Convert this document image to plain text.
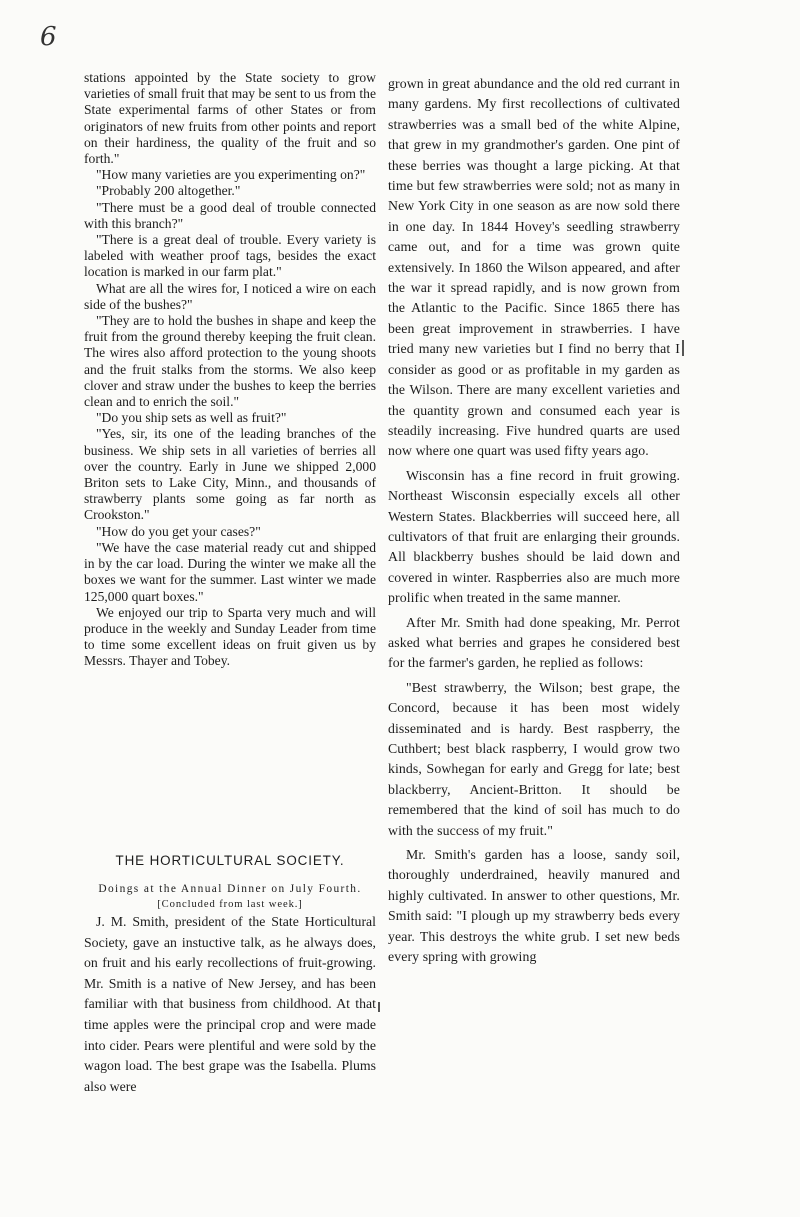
6

stations appointed by the State society to grow varieties of small fruit that may be sent to us from the State experimental farms of other States or from originators of new fruits from other points and report on their hardiness, the quality of the fruit and so forth."

"How many varieties are you experimenting on?"

"Probably 200 altogether."

"There must be a good deal of trouble connected with this branch?"

"There is a great deal of trouble. Every variety is labeled with weather proof tags, besides the exact location is marked in our farm plat."

What are all the wires for, I noticed a wire on each side of the bushes?"

"They are to hold the bushes in shape and keep the fruit from the ground thereby keeping the fruit clean. The wires also afford protection to the young shoots and the fruit stalks from the storms. We also keep clover and straw under the bushes to keep the berries clean and to enrich the soil."

"Do you ship sets as well as fruit?"

"Yes, sir, its one of the leading branches of the business. We ship sets in all varieties of berries all over the country. Early in June we shipped 2,000 Briton sets to Lake City, Minn., and thousands of strawberry plants some going as far north as Crookston."

"How do you get your cases?"

"We have the case material ready cut and shipped in by the car load. During the winter we make all the boxes we want for the summer. Last winter we made 125,000 quart boxes."

We enjoyed our trip to Sparta very much and will produce in the weekly and Sunday Leader from time to time some excellent ideas on fruit given us by Messrs. Thayer and Tobey.

THE HORTICULTURAL SOCIETY.
Doings at the Annual Dinner on July Fourth.
[Concluded from last week.]

J. M. Smith, president of the State Horticultural Society, gave an instuctive talk, as he always does, on fruit and his early recollections of fruit-growing. Mr. Smith is a native of New Jersey, and has been familiar with that business from childhood. At that time apples were the principal crop and were made into cider. Pears were plentiful and were sold by the wagon load. The best grape was the Isabella. Plums also were

grown in great abundance and the old red currant in many gardens. My first recollections of cultivated strawberries was a small bed of the white Alpine, that grew in my grandmother's garden. One pint of these berries was thought a large picking. At that time but few strawberries were sold; not as many in New York City in one season as are now sold there in one day. In 1844 Hovey's seedling strawberry came out, and for a time was grown quite extensively. In 1860 the Wilson appeared, and after the war it spread rapidly, and is now grown from the Atlantic to the Pacific. Since 1865 there has been great improvement in strawberries. I have tried many new varieties but I find no berry that I consider as good or as profitable in my garden as the Wilson. There are many excellent varieties and the quantity grown and consumed each year is steadily increasing. Five hundred quarts are used now where one quart was used fifty years ago.

Wisconsin has a fine record in fruit growing. Northeast Wisconsin especially excels all other Western States. Blackberries will succeed here, all cultivators of that fruit are enlarging their grounds. All blackberry bushes should be laid down and covered in winter. Raspberries also are much more prolific when treated in the same manner.

After Mr. Smith had done speaking, Mr. Perrot asked what berries and grapes he considered best for the farmer's garden, he replied as follows:

"Best strawberry, the Wilson; best grape, the Concord, because it has been most widely disseminated and is hardy. Best raspberry, the Cuthbert; best black raspberry, I would grow two kinds, Sowhegan for early and Gregg for late; best blackberry, Ancient-Britton. It should be remembered that the kind of soil has much to do with the success of my fruit."

Mr. Smith's garden has a loose, sandy soil, thoroughly underdrained, heavily manured and highly cultivated. In answer to other questions, Mr. Smith said: "I plough up my strawberry beds every year. This destroys the white grub. I set new beds every spring with growing
